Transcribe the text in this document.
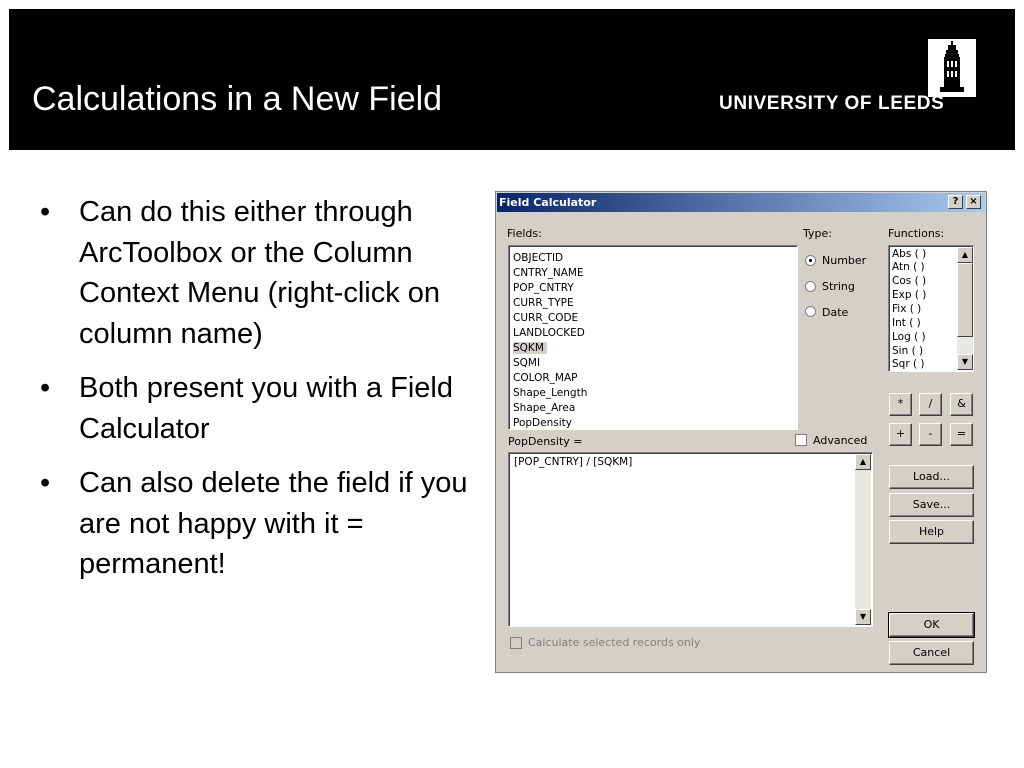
Calculations in a New Field	UNIVERSITY OF LEEDS
• Can do this either through ArcToolbox or the Column Context Menu (right-click on column name)
• Both present you with a Field Calculator
• Can also delete the field if you are not happy with it = permanent!
Field Calculator	?	×
Fields:
OBJECTID
CNTRY_NAME
POP_CNTRY
CURR_TYPE
CURR_CODE
LANDLOCKED
SQKM
SQMI
COLOR_MAP
Shape_Length
Shape_Area
PopDensity
Type:
Number
String
Date
Functions:
Abs ( )
Atn ( )
Cos ( )
Exp ( )
Fix ( )
Int ( )
Log ( )
Sin ( )
Sqr ( )
▲
▼
*	/	&
+	-	=
PopDensity =	Advanced
[POP_CNTRY] / [SQKM]	▲
▼
Load...
Save...
Help
OK
Cancel
Calculate selected records only
